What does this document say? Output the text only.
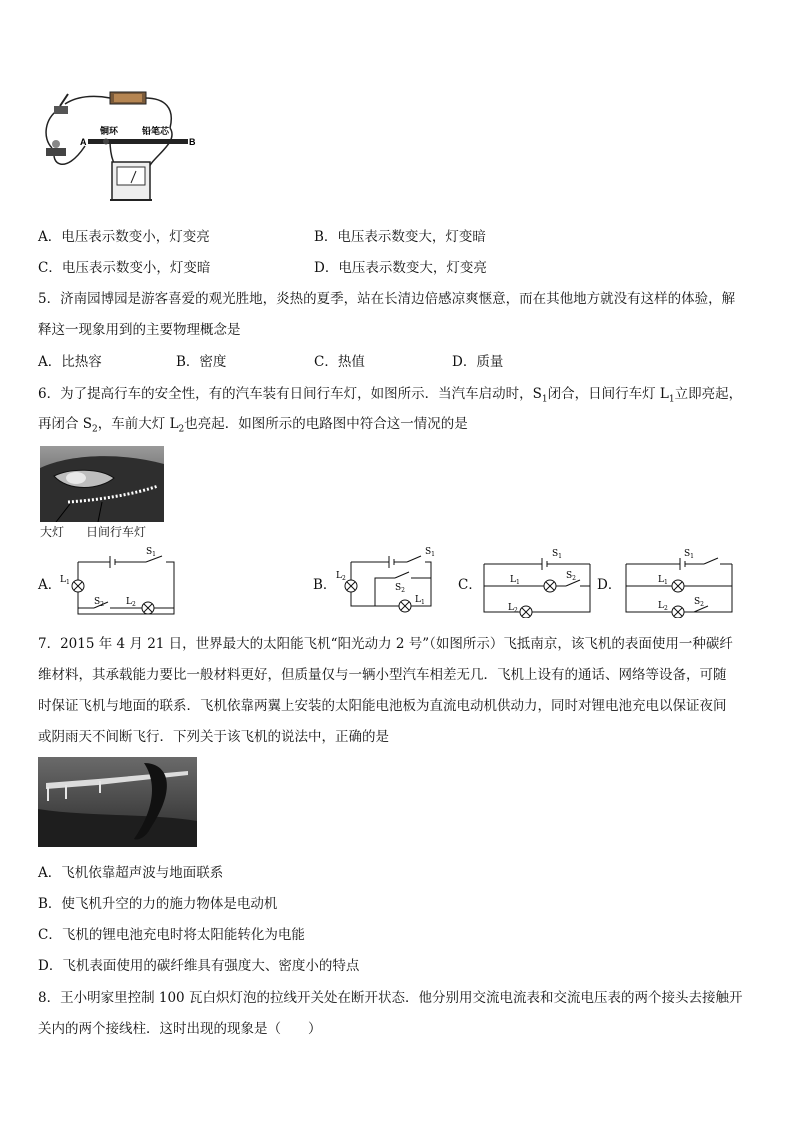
A	B
铜环	铅笔芯
A．电压表示数变小，灯变亮	B．电压表示数变大，灯变暗
C．电压表示数变小，灯变暗	D．电压表示数变大，灯变亮
5．济南园博园是游客喜爱的观光胜地，炎热的夏季，站在长清边倍感凉爽惬意，而在其他地方就没有这样的体验，解
释这一现象用到的主要物理概念是
A．比热容	B．密度	C．热值	D．质量
6．为了提高行车的安全性，有的汽车装有日间行车灯，如图所示．当汽车启动时，$S_1$闭合，日间行车灯 $L_1$立即亮起，
再闭合 $S_2$，车前大灯 $L_2$也亮起．如图所示的电路图中符合这一情况的是
大灯 日间行车灯
A．	B．	C．	D．
$S_1$
$L_1$
$S_2$ $L_2$
$S_1$
$L_2$
$S_2$
$L_1$
$S_1$
$L_1$
$S_2$
$L_2$
$S_1$
$L_1$
$L_2$
$S_2$
7．2015 年 4 月 21 日，世界最大的太阳能飞机“阳光动力 2 号”（如图所示）飞抵南京，该飞机的表面使用一种碳纤
维材料，其承载能力要比一般材料更好，但质量仅与一辆小型汽车相差无几．飞机上设有的通话、网络等设备，可随
时保证飞机与地面的联系．飞机依靠两翼上安装的太阳能电池板为直流电动机供动力，同时对锂电池充电以保证夜间
或阴雨天不间断飞行．下列关于该飞机的说法中，正确的是
A．飞机依靠超声波与地面联系
B．使飞机升空的力的施力物体是电动机
C．飞机的锂电池充电时将太阳能转化为电能
D．飞机表面使用的碳纤维具有强度大、密度小的特点
8．王小明家里控制 100 瓦白炽灯泡的拉线开关处在断开状态．他分别用交流电流表和交流电压表的两个接头去接触开
关内的两个接线柱．这时出现的现象是（　　）
